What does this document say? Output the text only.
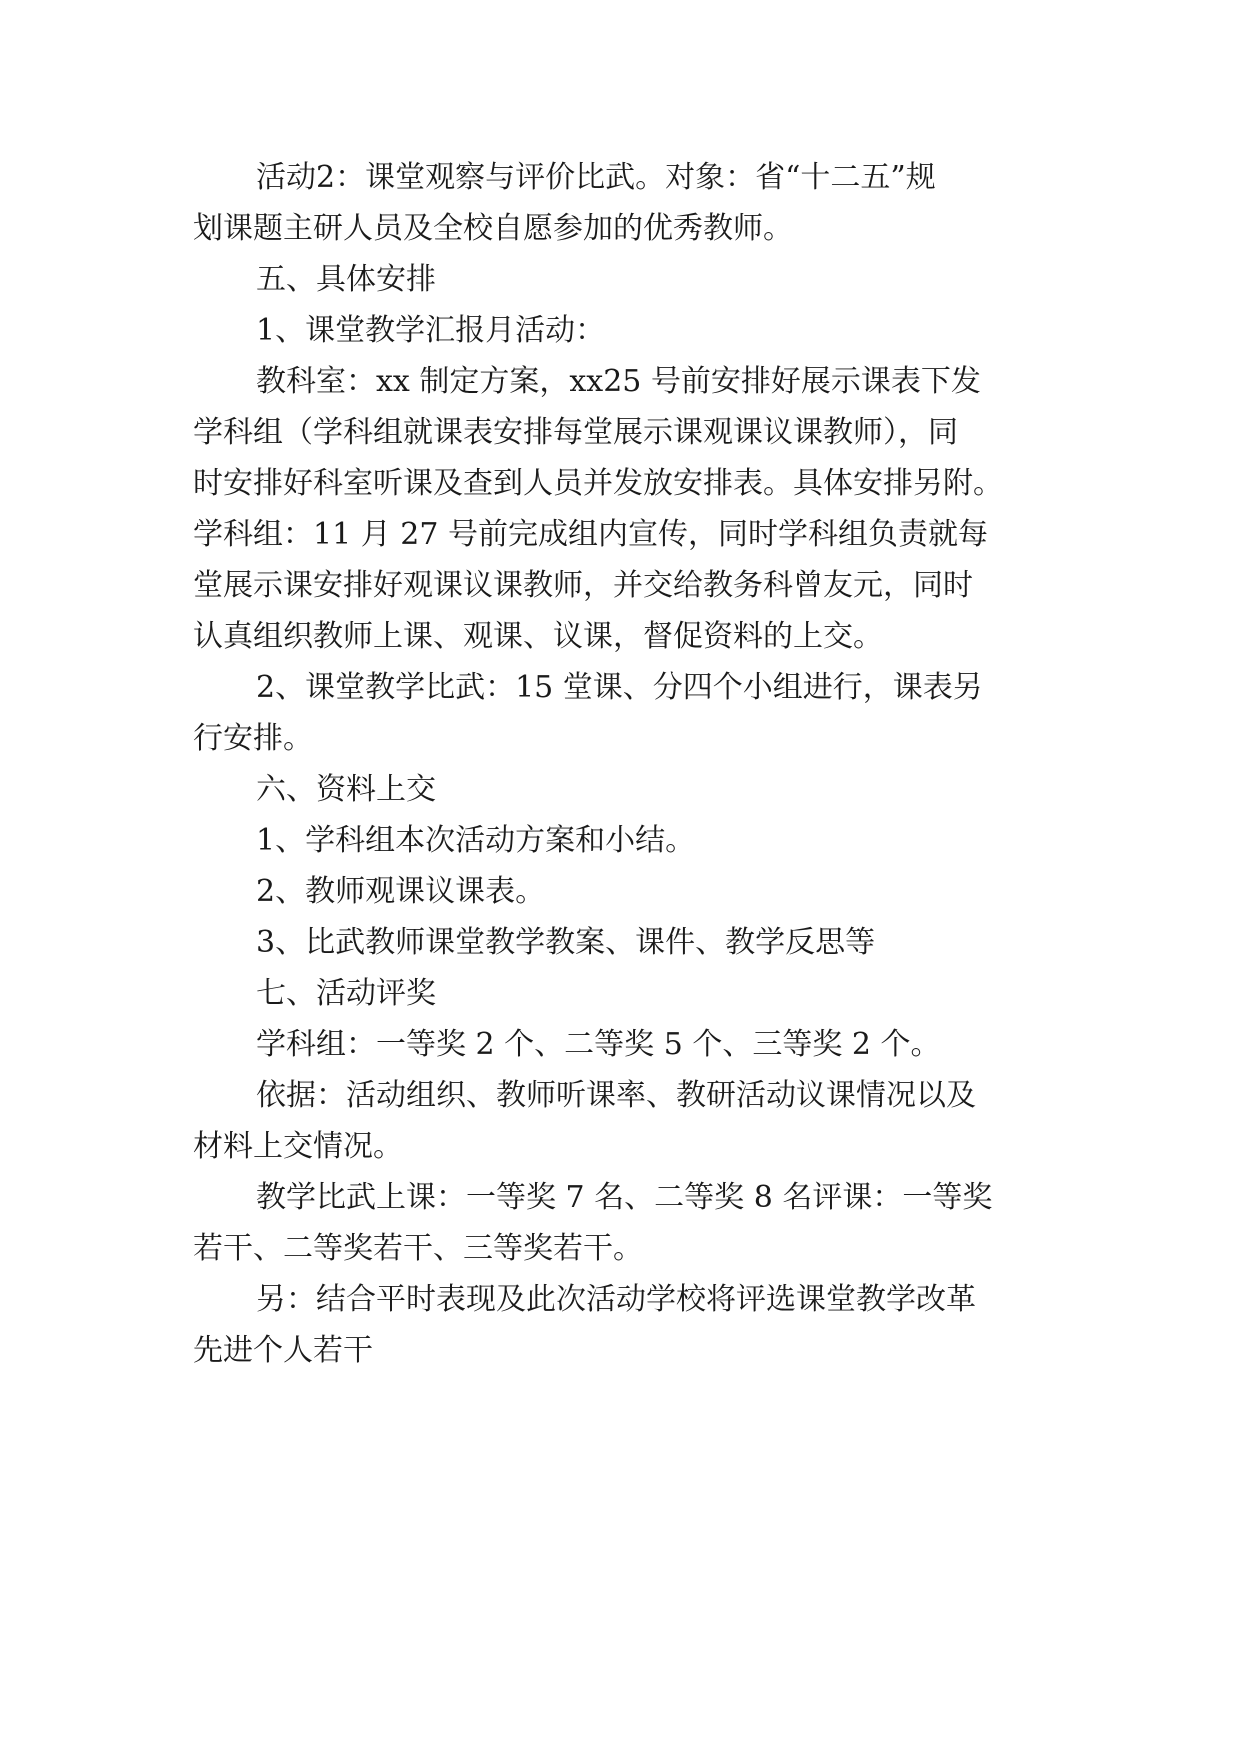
活动2：课堂观察与评价比武。对象：省“十二五”规
划课题主研人员及全校自愿参加的优秀教师。
五、具体安排
1、课堂教学汇报月活动：
教科室：xx 制定方案，xx25 号前安排好展示课表下发
学科组（学科组就课表安排每堂展示课观课议课教师），同
时安排好科室听课及查到人员并发放安排表。具体安排另附。
学科组：11 月 27 号前完成组内宣传，同时学科组负责就每
堂展示课安排好观课议课教师，并交给教务科曾友元，同时
认真组织教师上课、观课、议课，督促资料的上交。
2、课堂教学比武：15 堂课、分四个小组进行，课表另
行安排。
六、资料上交
1、学科组本次活动方案和小结。
2、教师观课议课表。
3、比武教师课堂教学教案、课件、教学反思等
七、活动评奖
学科组：一等奖 2 个、二等奖 5 个、三等奖 2 个。
依据：活动组织、教师听课率、教研活动议课情况以及
材料上交情况。
教学比武上课：一等奖 7 名、二等奖 8 名评课：一等奖
若干、二等奖若干、三等奖若干。
另：结合平时表现及此次活动学校将评选课堂教学改革
先进个人若干
